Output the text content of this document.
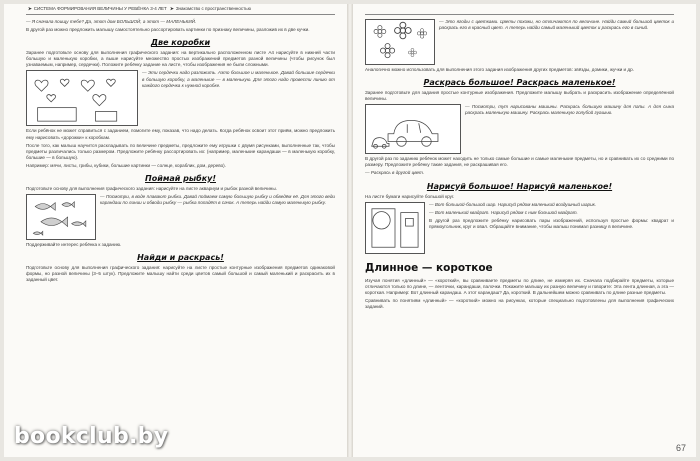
➤ СИСТЕМА ФОРМИРОВАНИЯ ВЕЛИЧИНЫ У РЕБЁНКА 3-4 ЛЕТ ➤ Знакомство с пространственностью

— Я сначала поищу тебе? Да, этот дом БОЛЬШОЙ, а этот — МАЛЕНЬКИЙ.

В другой раз можно предложить малышу самостоятельно рассортировать картинки по признаку величины, разложив их в две кучки.

Две коробки

Заранее подготовьте основу для выполнения графического задания: на вертикально расположенном листе А4 нарисуйте в нижней части большую и маленькую коробки, а выше нарисуйте множество простых изображений предметов разной величины (чтобы рисунок был узнаваемым, например, сердечки). Положите ребёнку задание на листе, чтобы изображения не были сложными.

— Эти сердечки надо разложить. Аэто большое и маленькое. Давай большие сердечки в большую коробку, а маленькие — в маленькую. Для этого надо провести линию от каждого сердечка к нужной коробке.

Если ребёнок не может справиться с заданием, помогите ему, показав, что надо делать. Когда ребёнок освоит этот приём, можно предложить ему нарисовать «дорожки» к коробкам.

После того, как малыш научится раскладывать по величине предметы, предложите ему игрушки с двумя рисунками, выполненные так, чтобы предметы различались только размером. Предложите ребёнку рассортировать их: (например, маленькие карандаши — в маленькую коробку, большие — в большую).

Например: мячи, листы, грибы, кубики, большие картинки — солнце, кораблик, дом, дерево).

Поймай рыбку!

Подготовьте основу для выполнения графического задания: нарисуйте на листе аквариум и рыбок разной величины.

— Посмотри, в воде плавают рыбки. Давай поймаем самую большую рыбку и обведём её. Для этого веди карандаш по линии и обводи рыбку — рыбка попадёт в сачок. А теперь найди самую маленькую рыбку.

Поддерживайте интерес ребёнка к заданию.

Найди и раскрась!

Подготовьте основу для выполнения графического задания: нарисуйте на листе простые контурные изображения предметов одинаковой формы, но разной величины (3–5 штук). Предложите малышу найти среди цветов самый большой и самый маленький и раскрасить их в заданный цвет.

bookclub.by

— Это ягоды с цветками. Цветы похожи, но отличаются по величине. Найди самый большой цветок и раскрась его в красный цвет. А теперь найди самый маленький цветок и раскрась его в синий.

Аналогично можно использовать для выполнения этого задания изображения других предметов: звёзды, домики, жучки и др.

Раскрась большое! Раскрась маленькое!

Заранее подготовьте для задания простые контурные изображения. Предложите малышу выбрать и раскрасить изображение определённой величины.

— Посмотри, тут нарисованы машины. Раскрась большую машину для папы. А для сына раскрась маленькую машину. Раскрась маленькую голубой гуашью.

В другой раз по заданию ребёнок может находить не только самые большие и самые маленькие предметы, но и сравнивать их со средними по размеру. Предложите ребёнку такие задания, не раскрашивая его.

— Раскрась в другой цвет.

Нарисуй большое! Нарисуй маленькое!

На листе бумаги нарисуйте большой круг.

— Вот большой-большой шар. Нарисуй рядом маленький воздушный шарик.

— Вот маленький квадрат. Нарисуй рядом с ним большой квадрат.

В другой раз предложите ребёнку нарисовать пары изображений, используя простые формы: квадрат и прямоугольник, круг и овал. Обращайте внимание, чтобы малыш понимал разницу в величине.

Длинное — короткое

Изучая понятия «длинный» — «короткий», вы сравниваете предметы по длине, не измеряя их. Сначала подбирайте предметы, которые отличаются только по длине, — ленточки, карандаши, палочки. Покажите малышу их разную величину и говорите: Эта лента длинная, а эта — короткая. Например: Вот длинный карандаш. А этот карандаш? Да, короткий. В дальнейшем можно сравнивать по длине разные предметы.

Сравнивать по понятиям «длинный» — «короткий» можно на рисунках, которые специально подготовлены для выполнения графических заданий.

67
